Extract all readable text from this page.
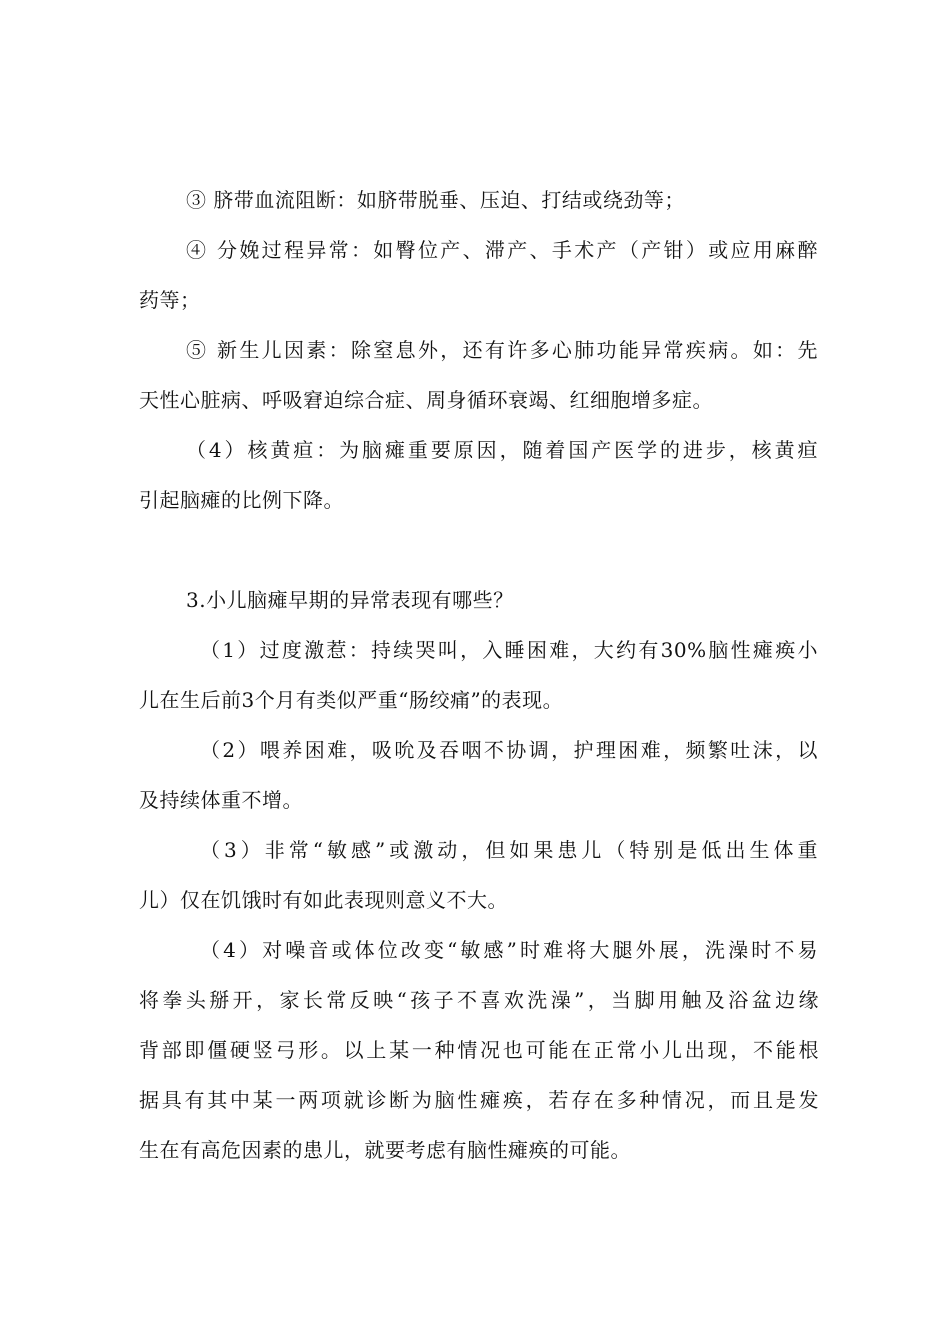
③ 脐带血流阻断：如脐带脱垂、压迫、打结或绕劲等；
④ 分娩过程异常：如臀位产、滞产、手术产（产钳）或应用麻醉
药等；
⑤ 新生儿因素：除窒息外，还有许多心肺功能异常疾病。如：先
天性心脏病、呼吸窘迫综合症、周身循环衰竭、红细胞增多症。
（4）核黄疸：为脑瘫重要原因，随着国产医学的进步，核黄疸
引起脑瘫的比例下降。
3.小儿脑瘫早期的异常表现有哪些？
（1）过度激惹：持续哭叫，入睡困难，大约有30%脑性瘫痪小
儿在生后前3个月有类似严重“肠绞痛”的表现。
（2）喂养困难，吸吮及吞咽不协调，护理困难，频繁吐沫，以
及持续体重不增。
（3）非常“敏感”或激动，但如果患儿（特别是低出生体重
儿）仅在饥饿时有如此表现则意义不大。
（4）对噪音或体位改变“敏感”时难将大腿外展，洗澡时不易
将拳头掰开，家长常反映“孩子不喜欢洗澡”，当脚用触及浴盆边缘
背部即僵硬竖弓形。以上某一种情况也可能在正常小儿出现，不能根
据具有其中某一两项就诊断为脑性瘫痪，若存在多种情况，而且是发
生在有高危因素的患儿，就要考虑有脑性瘫痪的可能。
